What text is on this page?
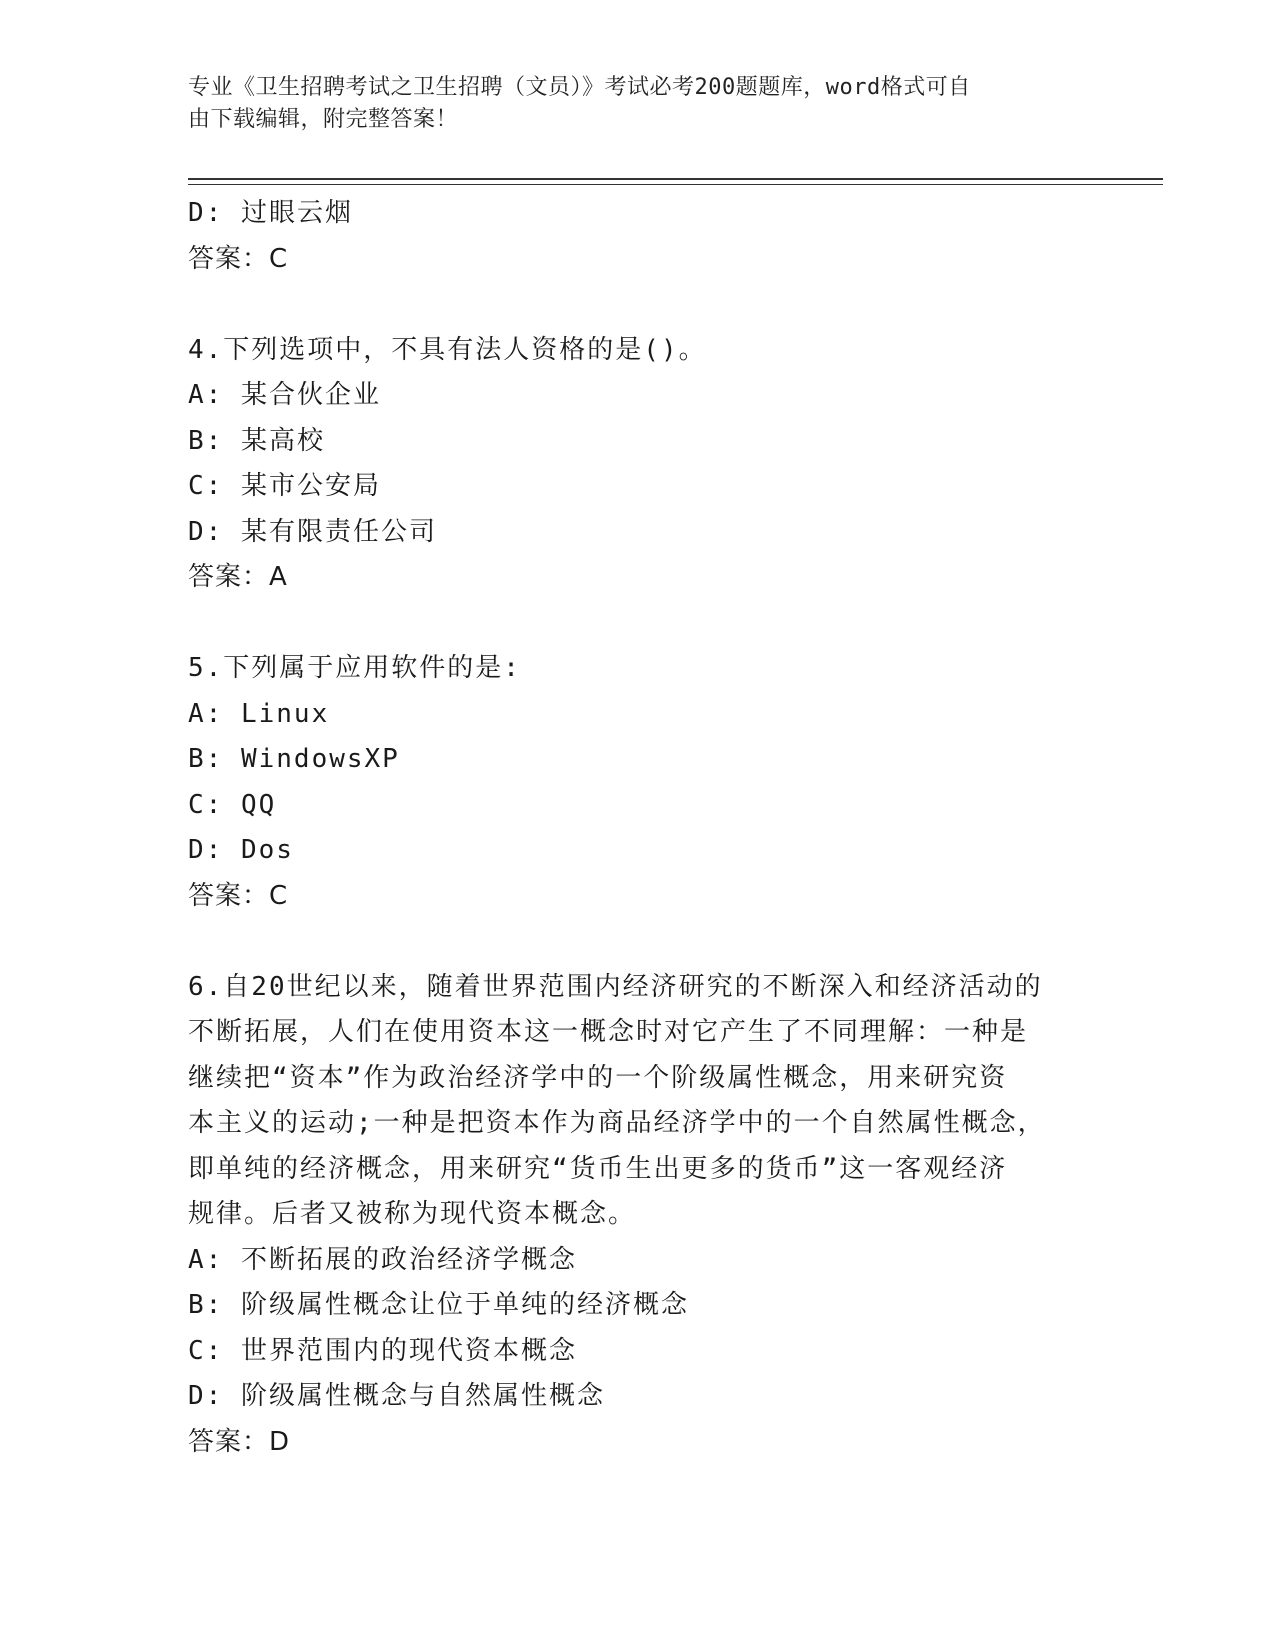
专业《卫生招聘考试之卫生招聘（文员）》考试必考200题题库，word格式可自
由下载编辑，附完整答案！
D: 过眼云烟
答案：C
4.下列选项中，不具有法人资格的是()。
A: 某合伙企业
B: 某高校
C: 某市公安局
D: 某有限责任公司
答案：A
5.下列属于应用软件的是:
A: Linux
B: WindowsXP
C: QQ
D: Dos
答案：C
6.自20世纪以来，随着世界范围内经济研究的不断深入和经济活动的
不断拓展，人们在使用资本这一概念时对它产生了不同理解：一种是
继续把“资本”作为政治经济学中的一个阶级属性概念，用来研究资
本主义的运动;一种是把资本作为商品经济学中的一个自然属性概念，
即单纯的经济概念，用来研究“货币生出更多的货币”这一客观经济
规律。后者又被称为现代资本概念。
A: 不断拓展的政治经济学概念
B: 阶级属性概念让位于单纯的经济概念
C: 世界范围内的现代资本概念
D: 阶级属性概念与自然属性概念
答案：D
